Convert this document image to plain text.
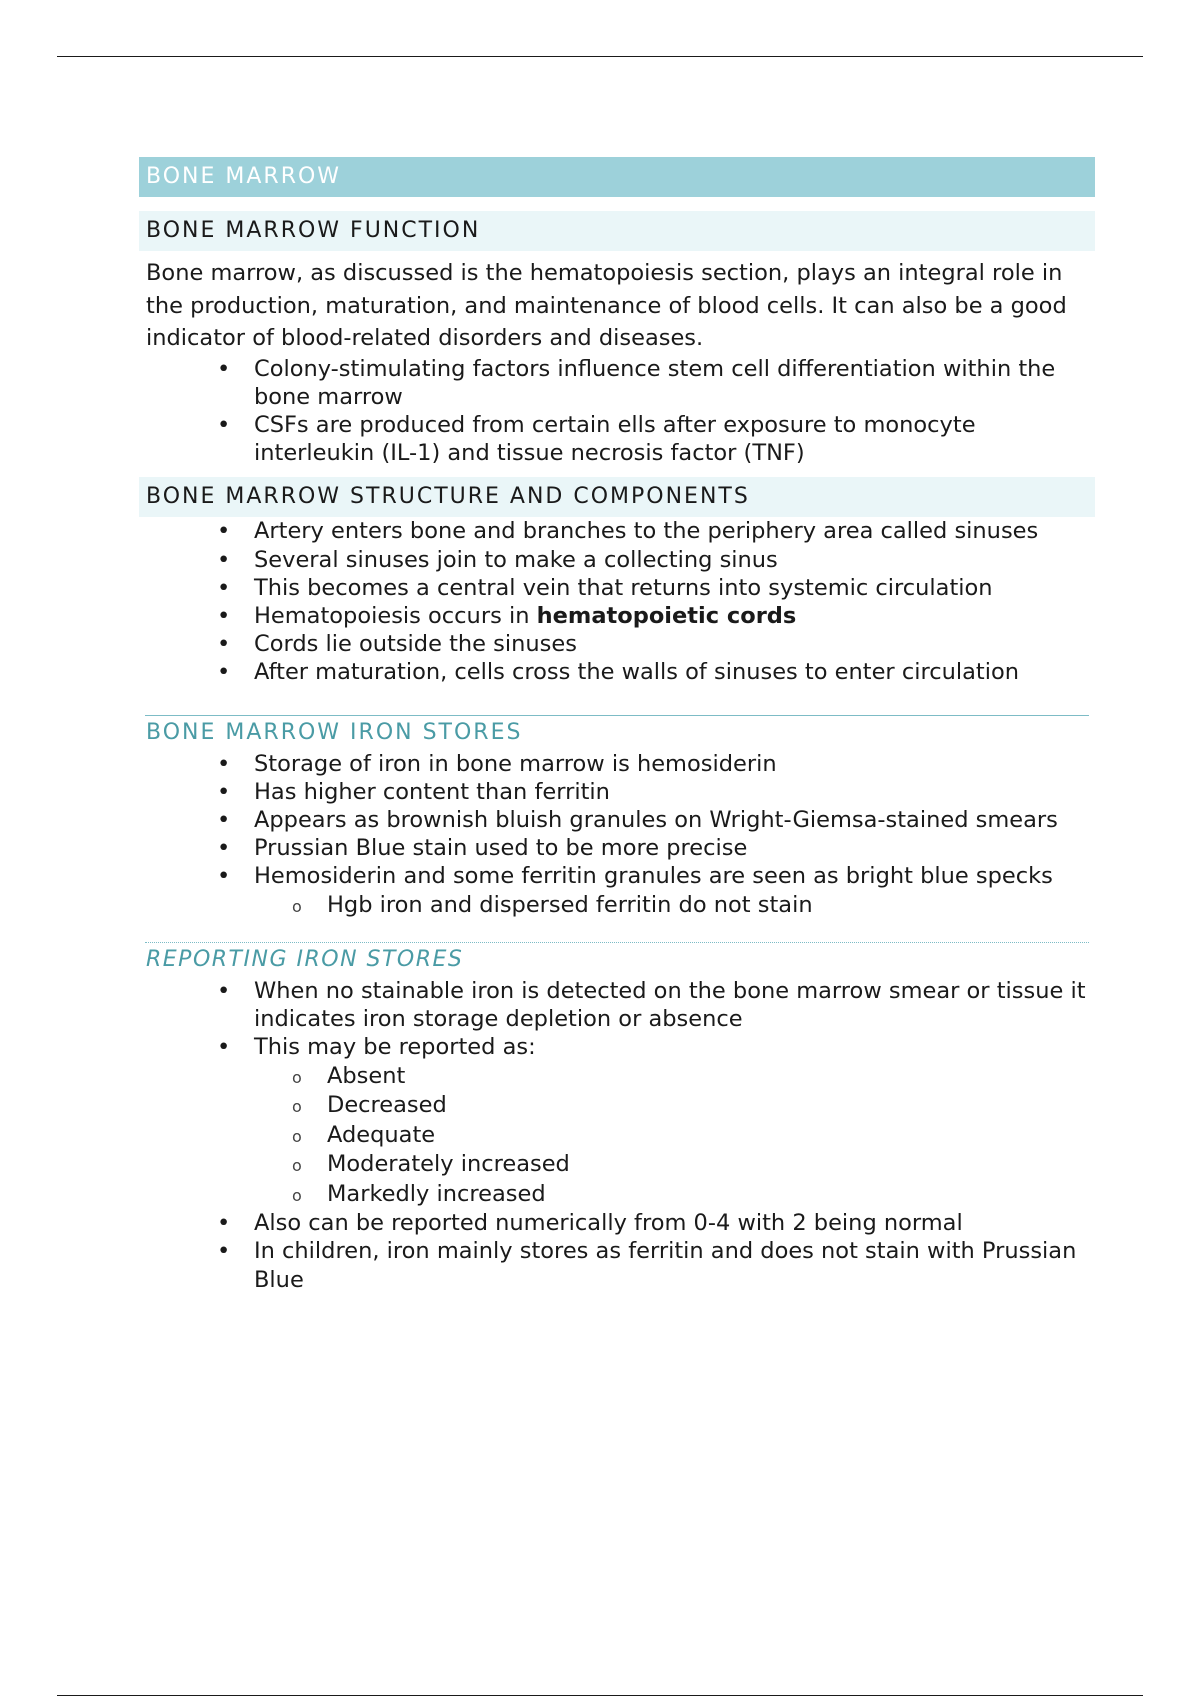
BONE MARROW
BONE MARROW FUNCTION
Bone marrow, as discussed is the hematopoiesis section, plays an integral role in the production, maturation, and maintenance of blood cells. It can also be a good indicator of blood-related disorders and diseases.
• Colony-stimulating factors influence stem cell differentiation within the bone marrow
• CSFs are produced from certain ells after exposure to monocyte interleukin (IL-1) and tissue necrosis factor (TNF)
BONE MARROW STRUCTURE AND COMPONENTS
• Artery enters bone and branches to the periphery area called sinuses
• Several sinuses join to make a collecting sinus
• This becomes a central vein that returns into systemic circulation
• Hematopoiesis occurs in hematopoietic cords
• Cords lie outside the sinuses
• After maturation, cells cross the walls of sinuses to enter circulation
BONE MARROW IRON STORES
• Storage of iron in bone marrow is hemosiderin
• Has higher content than ferritin
• Appears as brownish bluish granules on Wright-Giemsa-stained smears
• Prussian Blue stain used to be more precise
• Hemosiderin and some ferritin granules are seen as bright blue specks
o Hgb iron and dispersed ferritin do not stain
REPORTING IRON STORES
• When no stainable iron is detected on the bone marrow smear or tissue it indicates iron storage depletion or absence
• This may be reported as:
o Absent
o Decreased
o Adequate
o Moderately increased
o Markedly increased
• Also can be reported numerically from 0-4 with 2 being normal
• In children, iron mainly stores as ferritin and does not stain with Prussian Blue
